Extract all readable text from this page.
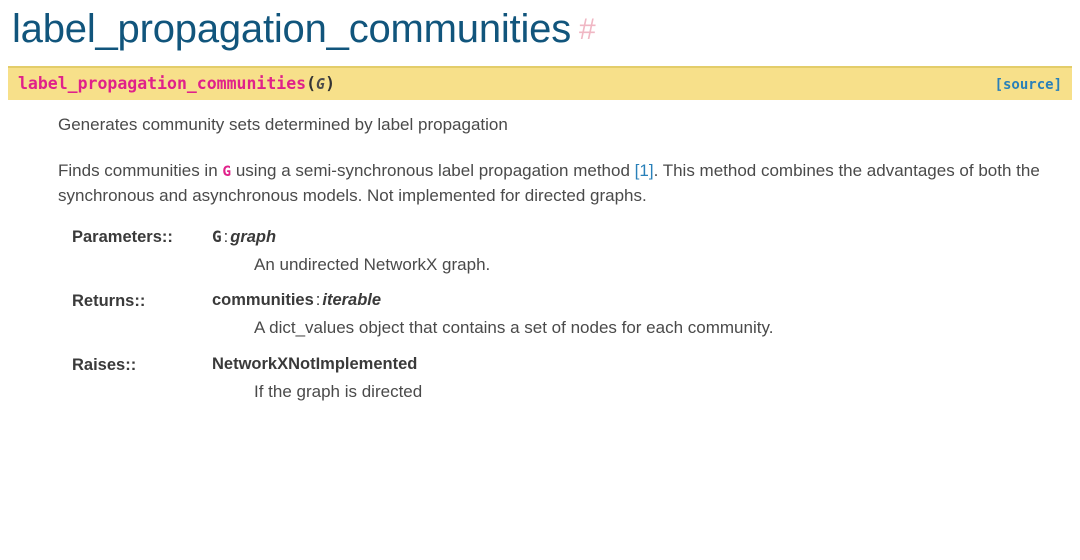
label_propagation_communities #
label_propagation_communities(G)	[source]

Generates community sets determined by label propagation

Finds communities in G using a semi-synchronous label propagation method [1]. This method combines the advantages of both the synchronous and asynchronous models. Not implemented for directed graphs.

Parameters::	G : graph
An undirected NetworkX graph.
Returns::	communities : iterable
A dict_values object that contains a set of nodes for each community.
Raises::	NetworkXNotImplemented
If the graph is directed
